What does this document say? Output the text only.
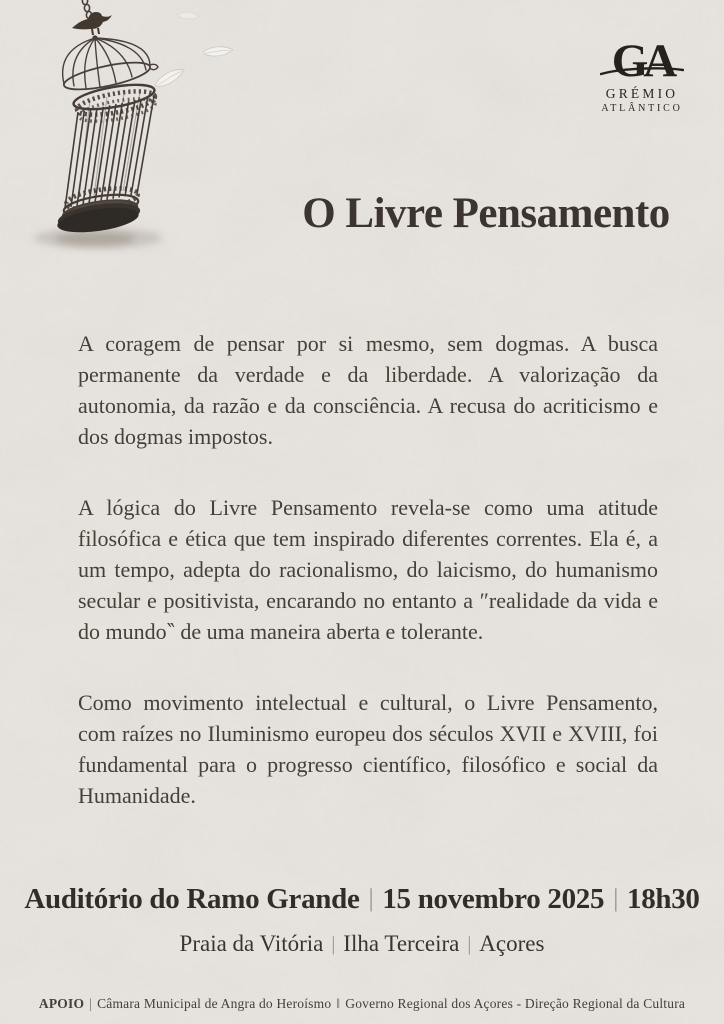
GA
GRÉMIO
ATLÂNTICO
O Livre Pensamento

A coragem de pensar por si mesmo, sem dogmas. A busca permanente da verdade e da liberdade. A valorização da autonomia, da razão e da consciência. A recusa do acriticismo e dos dogmas impostos.

A lógica do Livre Pensamento revela-se como uma atitude filosófica e ética que tem inspirado diferentes correntes. Ela é, a um tempo, adepta do racionalismo, do laicismo, do humanismo secular e positivista, encarando no entanto a ″realidade da vida e do mundo‶ de uma maneira aberta e tolerante.

Como movimento intelectual e cultural, o Livre Pensamento, com raízes no Iluminismo europeu dos séculos XVII e XVIII, foi fundamental para o progresso científico, filosófico e social da Humanidade.

Auditório do Ramo Grande | 15 novembro 2025 | 18h30
Praia da Vitória | Ilha Terceira | Açores
APOIO | Câmara Municipal de Angra do Heroísmo ‖ Governo Regional dos Açores - Direção Regional da Cultura
